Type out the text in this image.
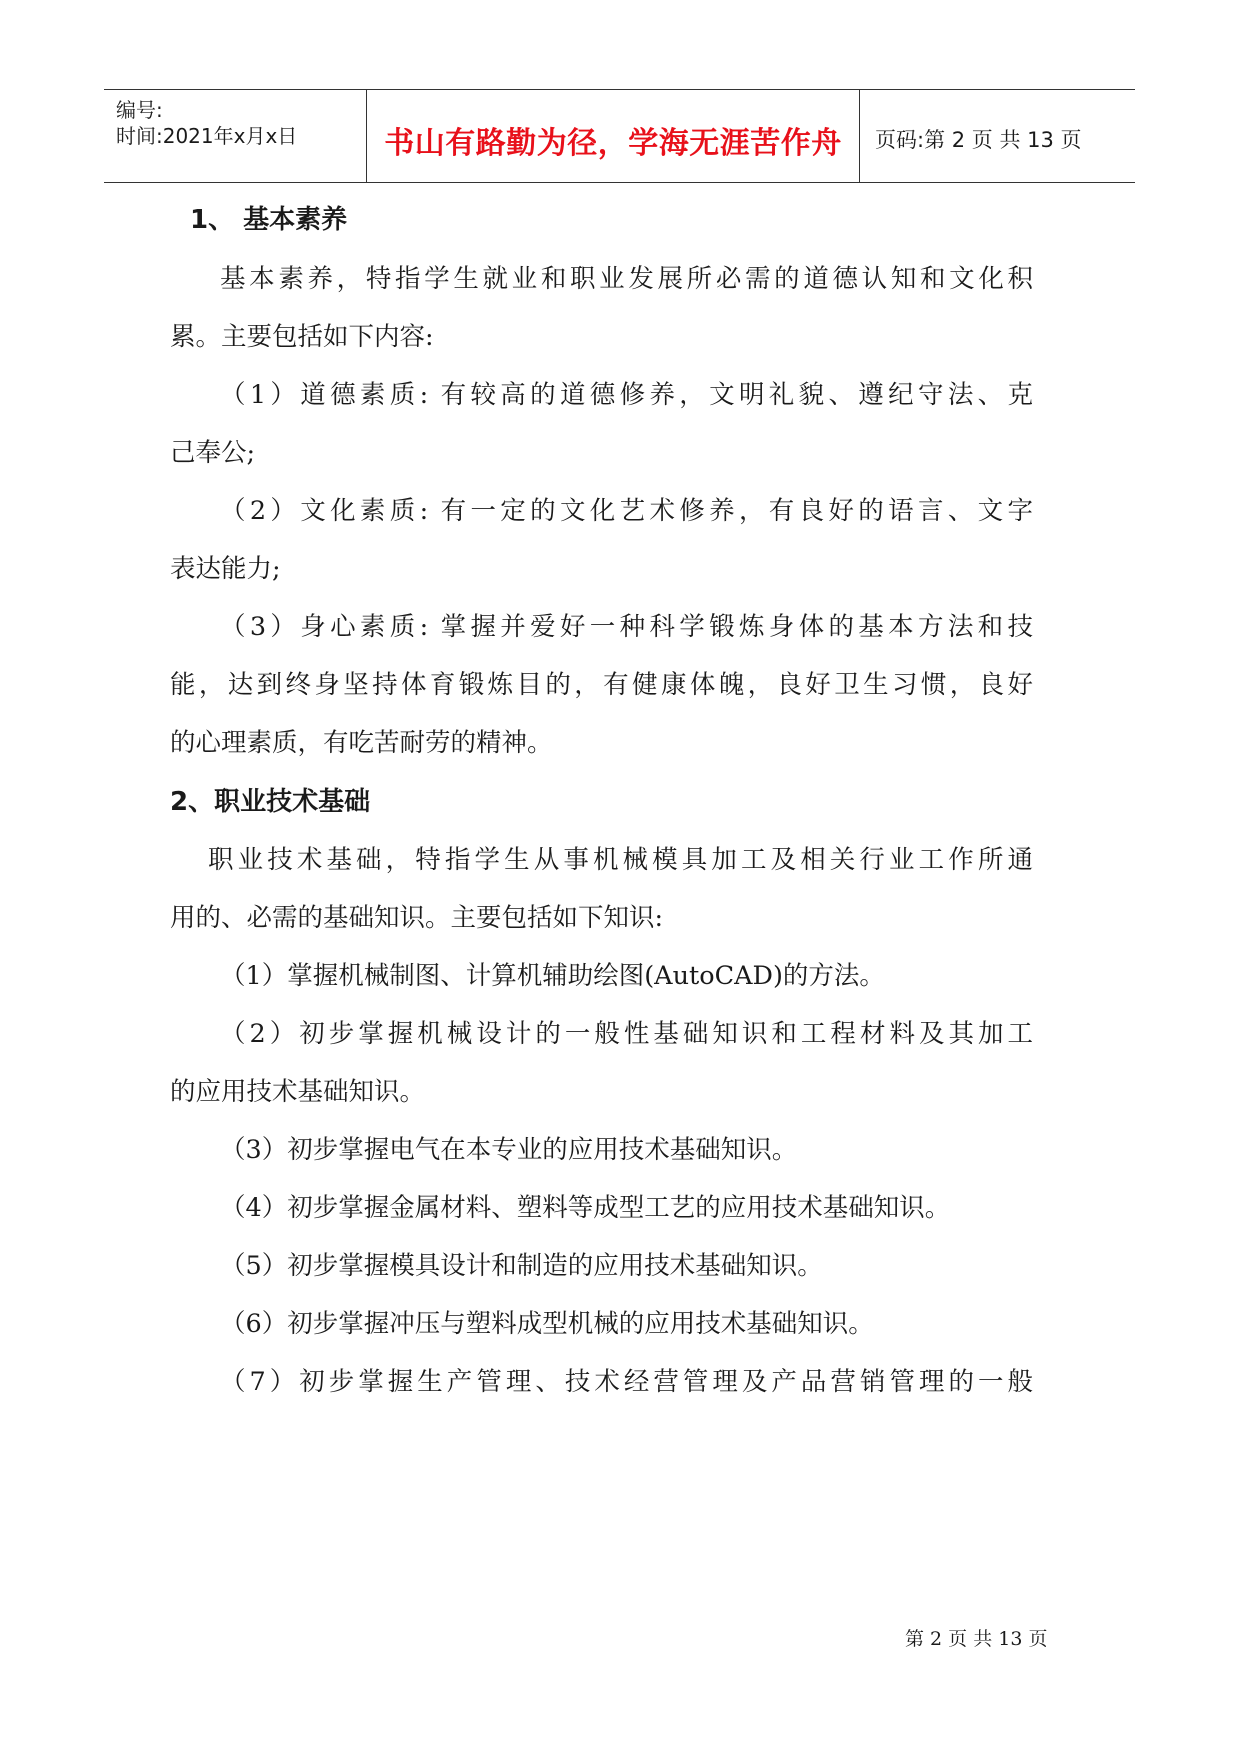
编号:
时间:2021年x月x日	书山有路勤为径，学海无涯苦作舟	页码:第 2 页 共 13 页
1、 基本素养
基本素养，特指学生就业和职业发展所必需的道德认知和文化积
累。主要包括如下内容:
（1）道德素质: 有较高的道德修养，文明礼貌、遵纪守法、克
己奉公;
（2）文化素质: 有一定的文化艺术修养，有良好的语言、文字
表达能力;
（3）身心素质: 掌握并爱好一种科学锻炼身体的基本方法和技
能，达到终身坚持体育锻炼目的，有健康体魄，良好卫生习惯，良好
的心理素质，有吃苦耐劳的精神。
2、职业技术基础
职业技术基础，特指学生从事机械模具加工及相关行业工作所通
用的、必需的基础知识。主要包括如下知识:
（1）掌握机械制图、计算机辅助绘图(AutoCAD)的方法。
（2）初步掌握机械设计的一般性基础知识和工程材料及其加工
的应用技术基础知识。
（3）初步掌握电气在本专业的应用技术基础知识。
（4）初步掌握金属材料、塑料等成型工艺的应用技术基础知识。
（5）初步掌握模具设计和制造的应用技术基础知识。
（6）初步掌握冲压与塑料成型机械的应用技术基础知识。
（7）初步掌握生产管理、技术经营管理及产品营销管理的一般
第 2 页 共 13 页
